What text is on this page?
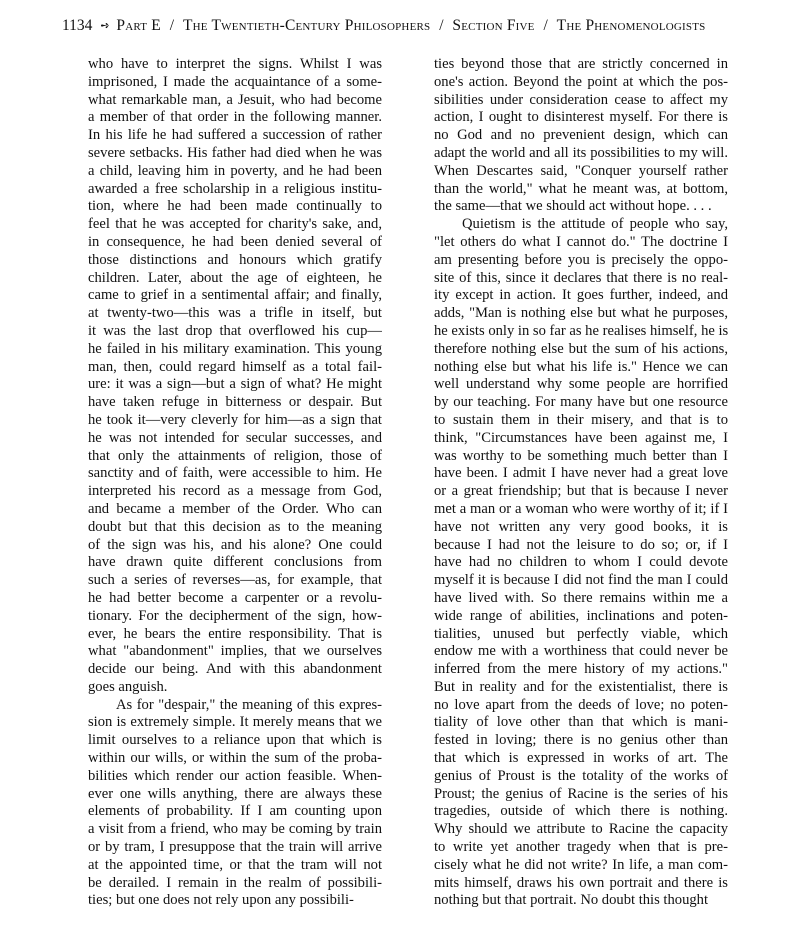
1134 ➺ Part E / The Twentieth-Century Philosophers / Section Five / The Phenomenologists
who have to interpret the signs. Whilst I was
imprisoned, I made the acquaintance of a some-
what remarkable man, a Jesuit, who had become
a member of that order in the following manner.
In his life he had suffered a succession of rather
severe setbacks. His father had died when he was
a child, leaving him in poverty, and he had been
awarded a free scholarship in a religious institu-
tion, where he had been made continually to
feel that he was accepted for charity's sake, and,
in consequence, he had been denied several of
those distinctions and honours which gratify
children. Later, about the age of eighteen, he
came to grief in a sentimental affair; and finally,
at twenty-two—this was a trifle in itself, but
it was the last drop that overflowed his cup—
he failed in his military examination. This young
man, then, could regard himself as a total fail-
ure: it was a sign—but a sign of what? He might
have taken refuge in bitterness or despair. But
he took it—very cleverly for him—as a sign that
he was not intended for secular successes, and
that only the attainments of religion, those of
sanctity and of faith, were accessible to him. He
interpreted his record as a message from God,
and became a member of the Order. Who can
doubt but that this decision as to the meaning
of the sign was his, and his alone? One could
have drawn quite different conclusions from
such a series of reverses—as, for example, that
he had better become a carpenter or a revolu-
tionary. For the decipherment of the sign, how-
ever, he bears the entire responsibility. That is
what "abandonment" implies, that we ourselves
decide our being. And with this abandonment
goes anguish.
As for "despair," the meaning of this expres-
sion is extremely simple. It merely means that we
limit ourselves to a reliance upon that which is
within our wills, or within the sum of the proba-
bilities which render our action feasible. When-
ever one wills anything, there are always these
elements of probability. If I am counting upon
a visit from a friend, who may be coming by train
or by tram, I presuppose that the train will arrive
at the appointed time, or that the tram will not
be derailed. I remain in the realm of possibili-
ties; but one does not rely upon any possibili-
ties beyond those that are strictly concerned in
one's action. Beyond the point at which the pos-
sibilities under consideration cease to affect my
action, I ought to disinterest myself. For there is
no God and no prevenient design, which can
adapt the world and all its possibilities to my will.
When Descartes said, "Conquer yourself rather
than the world," what he meant was, at bottom,
the same—that we should act without hope. . . .
Quietism is the attitude of people who say,
"let others do what I cannot do." The doctrine I
am presenting before you is precisely the oppo-
site of this, since it declares that there is no real-
ity except in action. It goes further, indeed, and
adds, "Man is nothing else but what he purposes,
he exists only in so far as he realises himself, he is
therefore nothing else but the sum of his actions,
nothing else but what his life is." Hence we can
well understand why some people are horrified
by our teaching. For many have but one resource
to sustain them in their misery, and that is to
think, "Circumstances have been against me, I
was worthy to be something much better than I
have been. I admit I have never had a great love
or a great friendship; but that is because I never
met a man or a woman who were worthy of it; if I
have not written any very good books, it is
because I had not the leisure to do so; or, if I
have had no children to whom I could devote
myself it is because I did not find the man I could
have lived with. So there remains within me a
wide range of abilities, inclinations and poten-
tialities, unused but perfectly viable, which
endow me with a worthiness that could never be
inferred from the mere history of my actions."
But in reality and for the existentialist, there is
no love apart from the deeds of love; no poten-
tiality of love other than that which is mani-
fested in loving; there is no genius other than
that which is expressed in works of art. The
genius of Proust is the totality of the works of
Proust; the genius of Racine is the series of his
tragedies, outside of which there is nothing.
Why should we attribute to Racine the capacity
to write yet another tragedy when that is pre-
cisely what he did not write? In life, a man com-
mits himself, draws his own portrait and there is
nothing but that portrait. No doubt this thought
